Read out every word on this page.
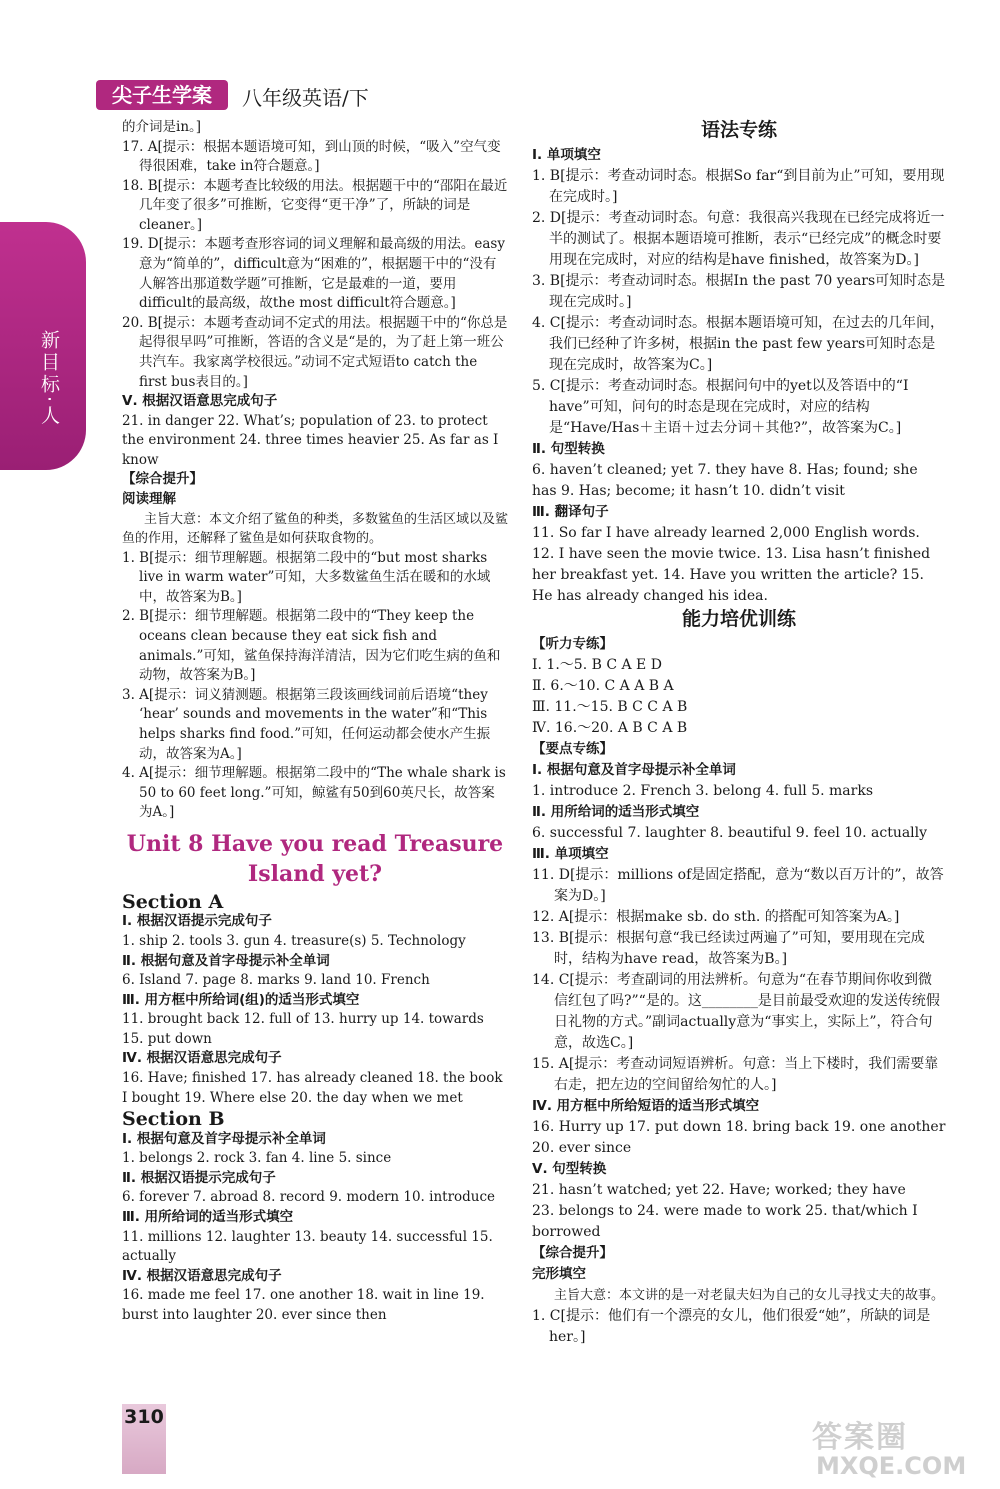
新目标·人
尖子生学案	八年级英语/下

的介词是in。]

17. A[提示：根据本题语境可知，到山顶的时候，“吸入”空气变得很困难，take in符合题意。]

18. B[提示：本题考查比较级的用法。根据题干中的“邵阳在最近几年变了很多”可推断，它变得“更干净”了，所缺的词是cleaner。]

19. D[提示：本题考查形容词的词义理解和最高级的用法。easy意为“简单的”，difficult意为“困难的”，根据题干中的“没有人解答出那道数学题”可推断，它是最难的一道，要用difficult的最高级，故the most difficult符合题意。]

20. B[提示：本题考查动词不定式的用法。根据题干中的“你总是起得很早吗”可推断，答语的含义是“是的，为了赶上第一班公共汽车。我家离学校很远。”动词不定式短语to catch the first bus表目的。]

Ⅴ. 根据汉语意思完成句子

21. in danger 22. What’s; population of 23. to protect the environment 24. three times heavier 25. As far as I know

【综合提升】

阅读理解

主旨大意：本文介绍了鲨鱼的种类，多数鲨鱼的生活区域以及鲨鱼的作用，还解释了鲨鱼是如何获取食物的。

1. B[提示：细节理解题。根据第二段中的“but most sharks live in warm water”可知，大多数鲨鱼生活在暖和的水域中，故答案为B。]

2. B[提示：细节理解题。根据第二段中的“They keep the oceans clean because they eat sick fish and animals.”可知，鲨鱼保持海洋清洁，因为它们吃生病的鱼和动物，故答案为B。]

3. A[提示：词义猜测题。根据第三段该画线词前后语境“they ‘hear’ sounds and movements in the water”和“This helps sharks find food.”可知，任何运动都会使水产生振动，故答案为A。]

4. A[提示：细节理解题。根据第二段中的“The whale shark is 50 to 60 feet long.”可知，鲸鲨有50到60英尺长，故答案为A。]

Unit 8 Have you read Treasure Island yet?

Section A

Ⅰ. 根据汉语提示完成句子

1. ship 2. tools 3. gun 4. treasure(s) 5. Technology

Ⅱ. 根据句意及首字母提示补全单词

6. Island 7. page 8. marks 9. land 10. French

Ⅲ. 用方框中所给词(组)的适当形式填空

11. brought back 12. full of 13. hurry up 14. towards 15. put down

Ⅳ. 根据汉语意思完成句子

16. Have; finished 17. has already cleaned 18. the book I bought 19. Where else 20. the day when we met

Section B

Ⅰ. 根据句意及首字母提示补全单词

1. belongs 2. rock 3. fan 4. line 5. since

Ⅱ. 根据汉语提示完成句子

6. forever 7. abroad 8. record 9. modern 10. introduce

Ⅲ. 用所给词的适当形式填空

11. millions 12. laughter 13. beauty 14. successful 15. actually

Ⅳ. 根据汉语意思完成句子

16. made me feel 17. one another 18. wait in line 19. burst into laughter 20. ever since then

语法专练

Ⅰ. 单项填空

1. B[提示：考查动词时态。根据So far“到目前为止”可知，要用现在完成时。]

2. D[提示：考查动词时态。句意：我很高兴我现在已经完成将近一半的测试了。根据本题语境可推断，表示“已经完成”的概念时要用现在完成时，对应的结构是have finished，故答案为D。]

3. B[提示：考查动词时态。根据In the past 70 years可知时态是现在完成时。]

4. C[提示：考查动词时态。根据本题语境可知，在过去的几年间，我们已经种了许多树，根据in the past few years可知时态是现在完成时，故答案为C。]

5. C[提示：考查动词时态。根据问句中的yet以及答语中的“I have”可知，问句的时态是现在完成时，对应的结构是“Have/Has＋主语＋过去分词＋其他?”，故答案为C。]

Ⅱ. 句型转换

6. haven’t cleaned; yet 7. they have 8. Has; found; she has 9. Has; become; it hasn’t 10. didn’t visit

Ⅲ. 翻译句子

11. So far I have already learned 2,000 English words. 12. I have seen the movie twice. 13. Lisa hasn’t finished her breakfast yet. 14. Have you written the article? 15. He has already changed his idea.

能力培优训练

【听力专练】

Ⅰ. 1.～5. B C A E D

Ⅱ. 6.～10. C A A B A

Ⅲ. 11.～15. B C C A B

Ⅳ. 16.～20. A B C A B

【要点专练】

Ⅰ. 根据句意及首字母提示补全单词

1. introduce 2. French 3. belong 4. full 5. marks

Ⅱ. 用所给词的适当形式填空

6. successful 7. laughter 8. beautiful 9. feel 10. actually

Ⅲ. 单项填空

11. D[提示：millions of是固定搭配，意为“数以百万计的”，故答案为D。]

12. A[提示：根据make sb. do sth. 的搭配可知答案为A。]

13. B[提示：根据句意“我已经读过两遍了”可知，要用现在完成时，结构为have read，故答案为B。]

14. C[提示：考查副词的用法辨析。句意为“在春节期间你收到微信红包了吗?”“是的。这________是目前最受欢迎的发送传统假日礼物的方式。”副词actually意为“事实上，实际上”，符合句意，故选C。]

15. A[提示：考查动词短语辨析。句意：当上下楼时，我们需要靠右走，把左边的空间留给匆忙的人。]

Ⅳ. 用方框中所给短语的适当形式填空

16. Hurry up 17. put down 18. bring back 19. one another 20. ever since

Ⅴ. 句型转换

21. hasn’t watched; yet 22. Have; worked; they have

23. belongs to 24. were made to work 25. that/which I borrowed

【综合提升】

完形填空

主旨大意：本文讲的是一对老鼠夫妇为自己的女儿寻找丈夫的故事。

1. C[提示：他们有一个漂亮的女儿，他们很爱“她”，所缺的词是her。]

310
答案圈
MXQE.COM
